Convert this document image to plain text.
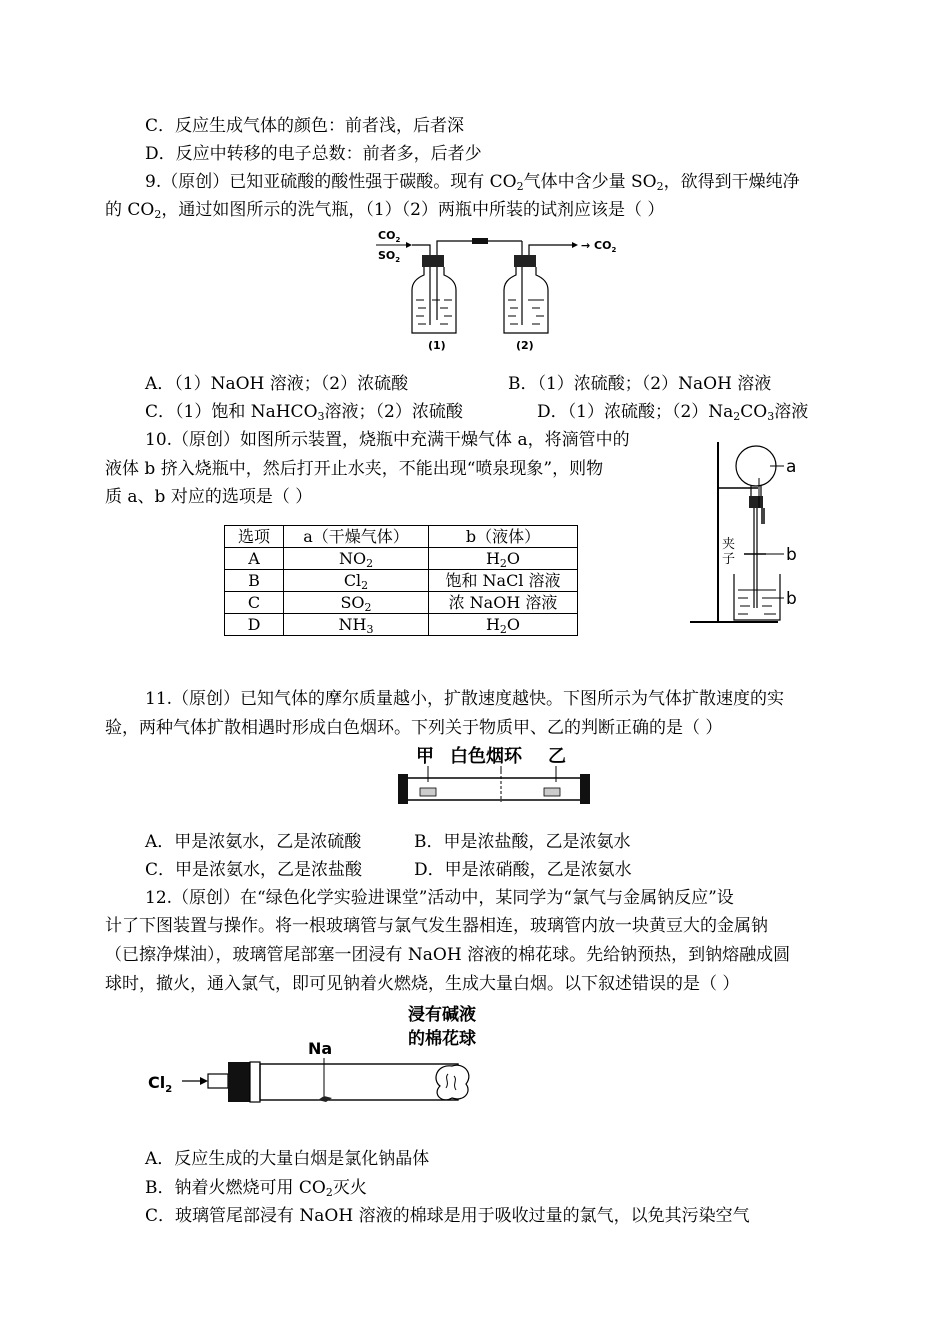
C．反应生成气体的颜色：前者浅，后者深
D．反应中转移的电子总数：前者多，后者少
9.（原创）已知亚硫酸的酸性强于碳酸。现有 $CO_2$气体中含少量 $SO_2$，欲得到干燥纯净
的 $CO_2$，通过如图所示的洗气瓶，（1）（2）两瓶中所装的试剂应该是（ ）
$CO_2$
$SO_2$
(1)
→ $CO_2$
(2)
A．（1）NaOH 溶液；（2）浓硫酸	B．（1）浓硫酸；（2）NaOH 溶液
C．（1）饱和 NaHCO$_3$溶液；（2）浓硫酸	D．（1）浓硫酸；$(2)Na_2CO_3$溶液
10.（原创）如图所示装置，烧瓶中充满干燥气体 a，将滴管中的
液体 b 挤入烧瓶中，然后打开止水夹，不能出现“喷泉现象”，则物
质 a、b 对应的选项是（ ）
选项	a（干燥气体）	b（液体）
A	$NO_2$	$H_2O$
B	$Cl_2$	饱和 NaCl 溶液
C	$SO_2$	浓 NaOH 溶液
D	$NH_3$	$H_2O$
夹
子
a
b
b
11.（原创）已知气体的摩尔质量越小，扩散速度越快。下图所示为气体扩散速度的实
验，两种气体扩散相遇时形成白色烟环。下列关于物质甲、乙的判断正确的是（ ）
甲 白色烟环 乙
A．甲是浓氨水，乙是浓硫酸	B．甲是浓盐酸，乙是浓氨水
C．甲是浓氨水，乙是浓盐酸	D．甲是浓硝酸，乙是浓氨水
12.（原创）在“绿色化学实验进课堂”活动中，某同学为“氯气与金属钠反应”设
计了下图装置与操作。将一根玻璃管与氯气发生器相连，玻璃管内放一块黄豆大的金属钠
（已擦净煤油），玻璃管尾部塞一团浸有 NaOH 溶液的棉花球。先给钠预热，到钠熔融成圆
球时，撤火，通入氯气，即可见钠着火燃烧，生成大量白烟。以下叙述错误的是（ ）
浸有碱液
的棉花球
Na
$Cl_2$
A．反应生成的大量白烟是氯化钠晶体
B．钠着火燃烧可用 $CO_2$灭火
C．玻璃管尾部浸有 NaOH 溶液的棉球是用于吸收过量的氯气，以免其污染空气
